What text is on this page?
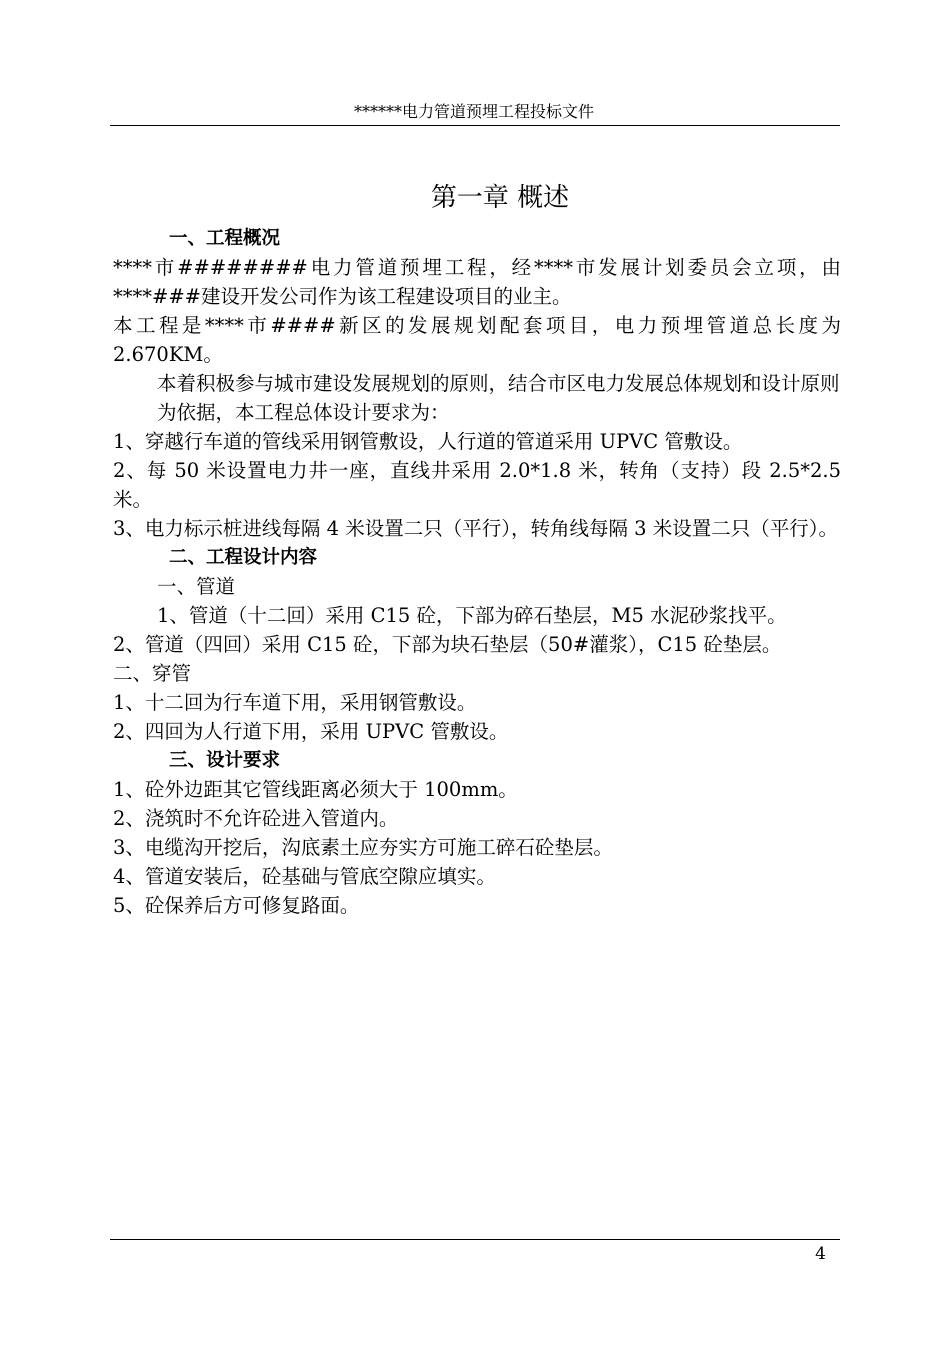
******电力管道预埋工程投标文件
第一章 概述

一、工程概况

****市########电力管道预埋工程，经****市发展计划委员会立项，由****###建设开发公司作为该工程建设项目的业主。

本工程是****市####新区的发展规划配套项目，电力预埋管道总长度为2.670KM。

本着积极参与城市建设发展规划的原则，结合市区电力发展总体规划和设计原则为依据，本工程总体设计要求为：

1、穿越行车道的管线采用钢管敷设，人行道的管道采用 UPVC 管敷设。

2、每 50 米设置电力井一座，直线井采用 2.0*1.8 米，转角（支持）段 2.5*2.5 米。

3、电力标示桩进线每隔 4 米设置二只（平行），转角线每隔 3 米设置二只（平行）。

二、工程设计内容

一、管道

1、管道（十二回）采用 C15 砼，下部为碎石垫层，M5 水泥砂浆找平。

2、管道（四回）采用 C15 砼，下部为块石垫层（50#灌浆），C15 砼垫层。

二、穿管

1、十二回为行车道下用，采用钢管敷设。

2、四回为人行道下用，采用 UPVC 管敷设。

三、设计要求

1、砼外边距其它管线距离必须大于 100mm。

2、浇筑时不允许砼进入管道内。

3、电缆沟开挖后，沟底素土应夯实方可施工碎石砼垫层。

4、管道安装后，砼基础与管底空隙应填实。

5、砼保养后方可修复路面。

4
